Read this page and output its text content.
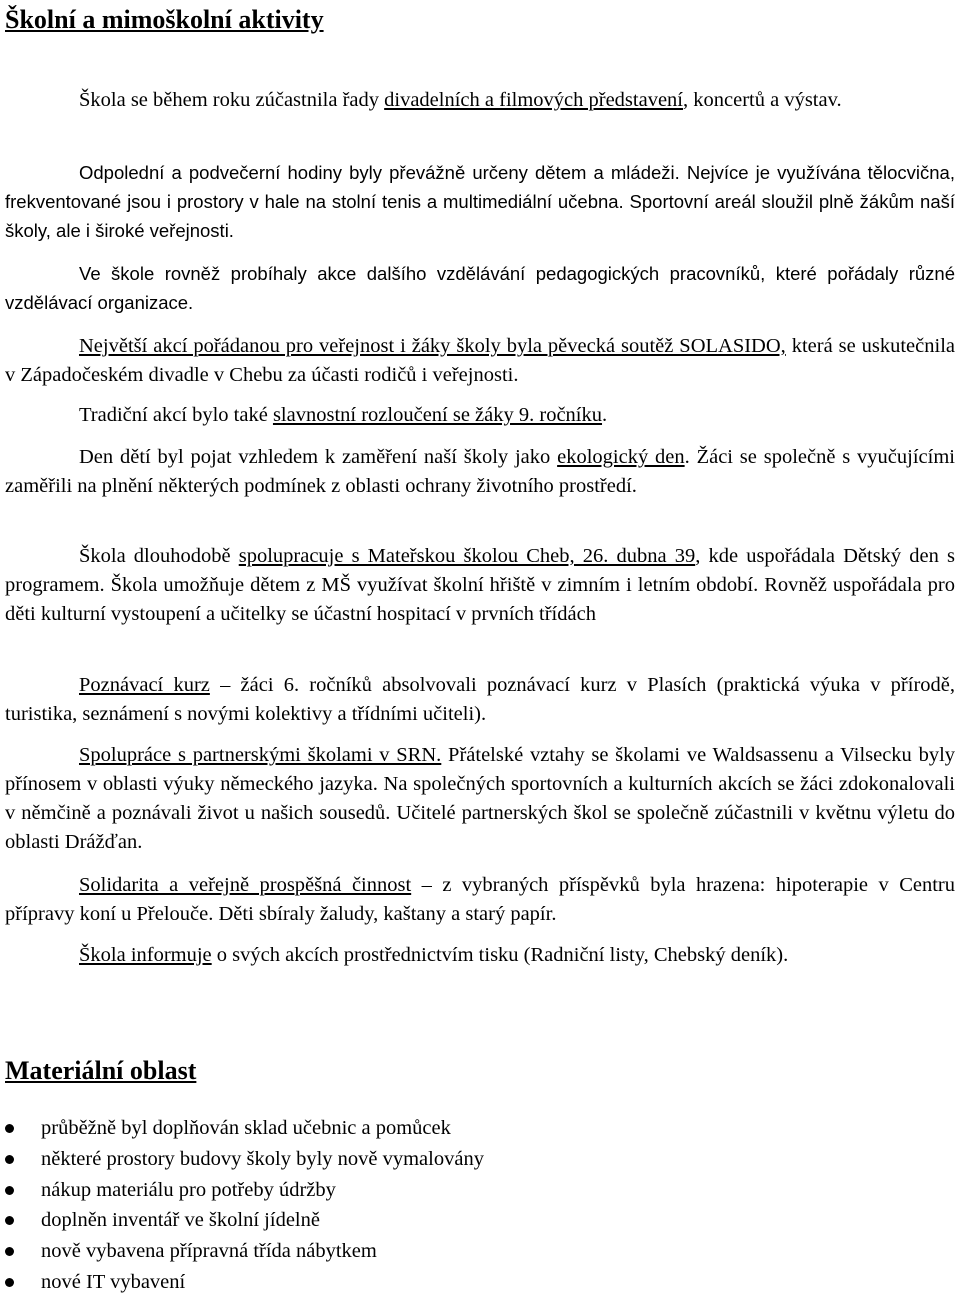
Školní a mimoškolní aktivity

Škola se během roku zúčastnila řady divadelních a filmových představení, koncertů a výstav.

Odpolední a podvečerní hodiny byly převážně určeny dětem a mládeži. Nejvíce je využívána tělocvična, frekventované jsou i prostory v hale na stolní tenis a multimediální učebna. Sportovní areál sloužil plně žákům naší školy, ale i široké veřejnosti.

Ve škole rovněž probíhaly akce dalšího vzdělávání pedagogických pracovníků, které pořádaly různé vzdělávací organizace.

Největší akcí pořádanou pro veřejnost i žáky školy byla pěvecká soutěž SOLASIDO, která se uskutečnila v Západočeském divadle v Chebu za účasti rodičů i veřejnosti.

Tradiční akcí bylo také slavnostní rozloučení se žáky 9. ročníku.

Den dětí byl pojat vzhledem k zaměření naší školy jako ekologický den. Žáci se společně s vyučujícími zaměřili na plnění některých podmínek z oblasti ochrany životního prostředí.

Škola dlouhodobě spolupracuje s Mateřskou školou Cheb, 26. dubna 39, kde uspořádala Dětský den s programem. Škola umožňuje dětem z MŠ využívat školní hřiště v zimním i letním období. Rovněž uspořádala pro děti kulturní vystoupení a učitelky se účastní hospitací v prvních třídách

Poznávací kurz – žáci 6. ročníků absolvovali poznávací kurz v Plasích (praktická výuka v přírodě, turistika, seznámení s novými kolektivy a třídními učiteli).

Spolupráce s partnerskými školami v SRN. Přátelské vztahy se školami ve Waldsassenu a Vilsecku byly přínosem v oblasti výuky německého jazyka. Na společných sportovních a kulturních akcích se žáci zdokonalovali v němčině a poznávali život u našich sousedů. Učitelé partnerských škol se společně zúčastnili v květnu výletu do oblasti Drážďan.

Solidarita a veřejně prospěšná činnost – z vybraných příspěvků byla hrazena: hipoterapie v Centru přípravy koní u Přelouče. Děti sbíraly žaludy, kaštany a starý papír.

Škola informuje o svých akcích prostřednictvím tisku (Radniční listy, Chebský deník).

Materiální oblast
průběžně byl doplňován sklad učebnic a pomůcek
některé prostory budovy školy byly nově vymalovány
nákup materiálu pro potřeby údržby
doplněn inventář ve školní jídelně
nově vybavena přípravná třída nábytkem
nové IT vybavení
